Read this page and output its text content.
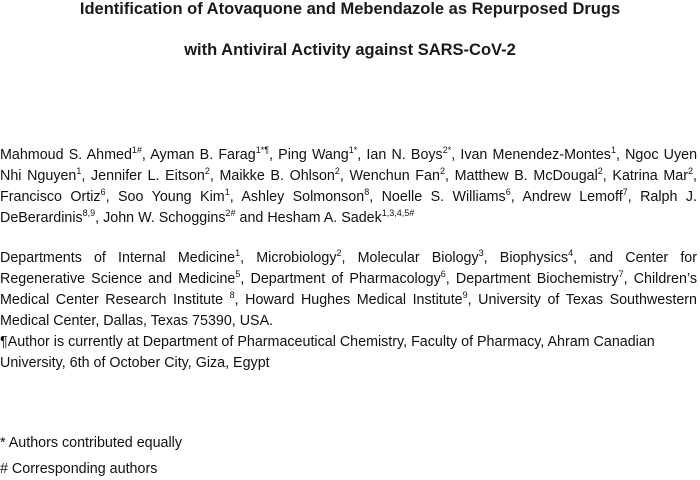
Identification of Atovaquone and Mebendazole as Repurposed Drugs
with Antiviral Activity against SARS-CoV-2

Mahmoud S. Ahmed$^{1\#}$, Ayman B. Farag$^{1*\P}$, Ping Wang$^{1*}$, Ian N. Boys$^{2*}$, Ivan Menendez-Montes$^1$, Ngoc Uyen Nhi Nguyen$^1$, Jennifer L. Eitson$^2$, Maikke B. Ohlson$^2$, Wenchun Fan$^2$, Matthew B. McDougal$^2$, Katrina Mar$^2$, Francisco Ortiz$^6$, Soo Young Kim$^1$, Ashley Solmonson$^8$, Noelle S. Williams$^6$, Andrew Lemoff$^7$, Ralph J. DeBerardinis$^{8,9}$, John W. Schoggins$^{2\#}$ and Hesham A. Sadek$^{1,3,4,5\#}$

Departments of Internal Medicine$^1$, Microbiology$^2$, Molecular Biology$^3$, Biophysics$^4$, and Center for Regenerative Science and Medicine$^5$, Department of Pharmacology$^6$, Department Biochemistry$^7$, Children’s Medical Center Research Institute $^8$, Howard Hughes Medical Institute$^9$, University of Texas Southwestern Medical Center, Dallas, Texas 75390, USA.

¶Author is currently at Department of Pharmaceutical Chemistry, Faculty of Pharmacy, Ahram Canadian University, 6th of October City, Giza, Egypt

* Authors contributed equally

# Corresponding authors
